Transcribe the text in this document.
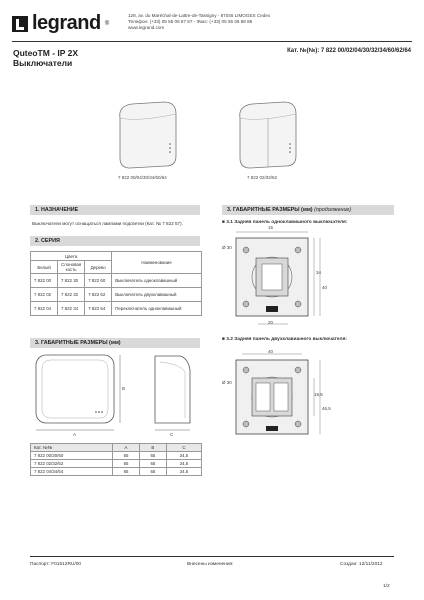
legrand ®
128, av. du Maréchal-de-Lattre-de-Tassigny - 87045 LIMOGES Cedex
Телефон: (+33) 05 55 06 87 87 - Факс: (+33) 05 55 06 88 88
www.legrand.com
QuteoTM - IP 2X
Выключатели
Кат. №(№): 7 822 00/02/04/30/32/34/60/62/64
7 822 00/04/30/34/60/64	7 822 02/32/62
1. НАЗНАЧЕНИЕ
Выключатели могут оснащаться лампами подсветки (Кат. № 7 822 57).
2. СЕРИЯ
Цвета			Наименование
Белый	Слоновая кость	Дерево	
7 822 00	7 822 30	7 822 60	Выключатель одноклавишный
7 822 02	7 822 32	7 822 62	Выключатель двухклавишный
7 822 04	7 822 34	7 822 64	Переключатель одноклавишный
3. ГАБАРИТНЫЕ РАЗМЕРЫ (мм)
A
B
C
Кат. №№	A	B	C
7 822 00/30/60	65	65	34,5
7 822 02/32/62	65	65	34,5
7 822 04/34/64	65	65	34,5
3. ГАБАРИТНЫЕ РАЗМЕРЫ (мм) (продолжение)
■ 3.1 Задняя панель одноклавишного выключателя:
15
Ø 30
34
40
20
■ 3.2 Задняя панель двухклавишного выключателя:
40
Ø 30
19,5
46,5
Паспорт: F01612RU/00	Внесены изменения:	Создан: 12/11/2012
1/2
